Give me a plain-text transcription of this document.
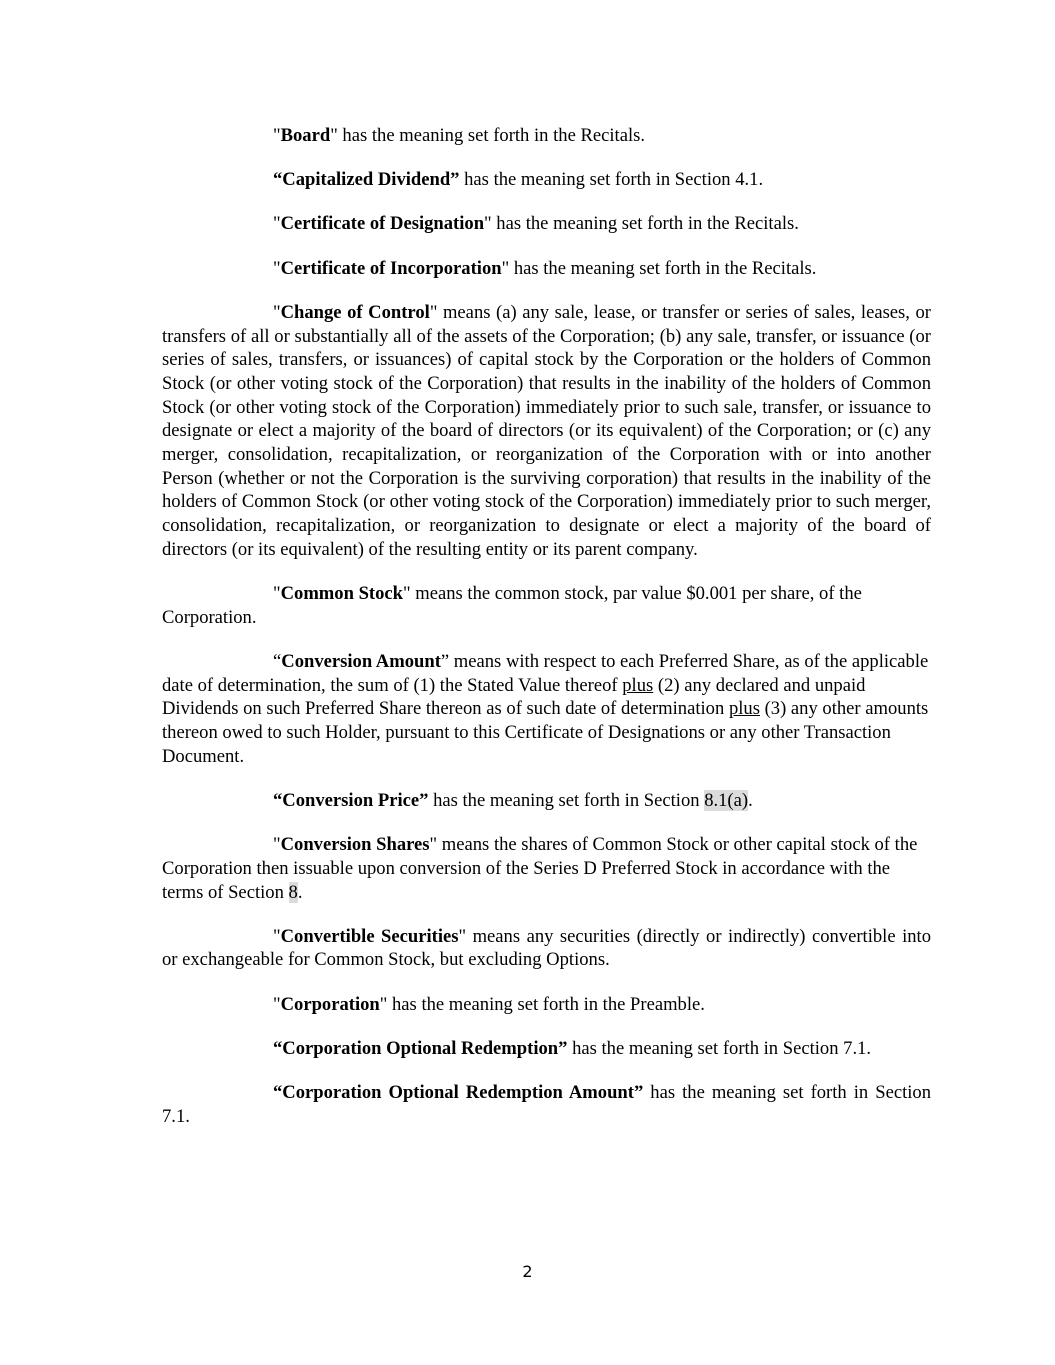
"Board" has the meaning set forth in the Recitals.

“Capitalized Dividend” has the meaning set forth in Section 4.1.

"Certificate of Designation" has the meaning set forth in the Recitals.

"Certificate of Incorporation" has the meaning set forth in the Recitals.

"Change of Control" means (a) any sale, lease, or transfer or series of sales, leases, or transfers of all or substantially all of the assets of the Corporation; (b) any sale, transfer, or issuance (or series of sales, transfers, or issuances) of capital stock by the Corporation or the holders of Common Stock (or other voting stock of the Corporation) that results in the inability of the holders of Common Stock (or other voting stock of the Corporation) immediately prior to such sale, transfer, or issuance to designate or elect a majority of the board of directors (or its equivalent) of the Corporation; or (c) any merger, consolidation, recapitalization, or reorganization of the Corporation with or into another Person (whether or not the Corporation is the surviving corporation) that results in the inability of the holders of Common Stock (or other voting stock of the Corporation) immediately prior to such merger, consolidation, recapitalization, or reorganization to designate or elect a majority of the board of directors (or its equivalent) of the resulting entity or its parent company.

"Common Stock" means the common stock, par value $0.001 per share, of the Corporation.

“Conversion Amount” means with respect to each Preferred Share, as of the applicable date of determination, the sum of (1) the Stated Value thereof plus (2) any declared and unpaid Dividends on such Preferred Share thereon as of such date of determination plus (3) any other amounts thereon owed to such Holder, pursuant to this Certificate of Designations or any other Transaction Document.

“Conversion Price” has the meaning set forth in Section 8.1(a).

"Conversion Shares" means the shares of Common Stock or other capital stock of the Corporation then issuable upon conversion of the Series D Preferred Stock in accordance with the terms of Section 8.

"Convertible Securities" means any securities (directly or indirectly) convertible into or exchangeable for Common Stock, but excluding Options.

"Corporation" has the meaning set forth in the Preamble.

“Corporation Optional Redemption” has the meaning set forth in Section 7.1.

“Corporation Optional Redemption Amount” has the meaning set forth in Section 7.1.

2
